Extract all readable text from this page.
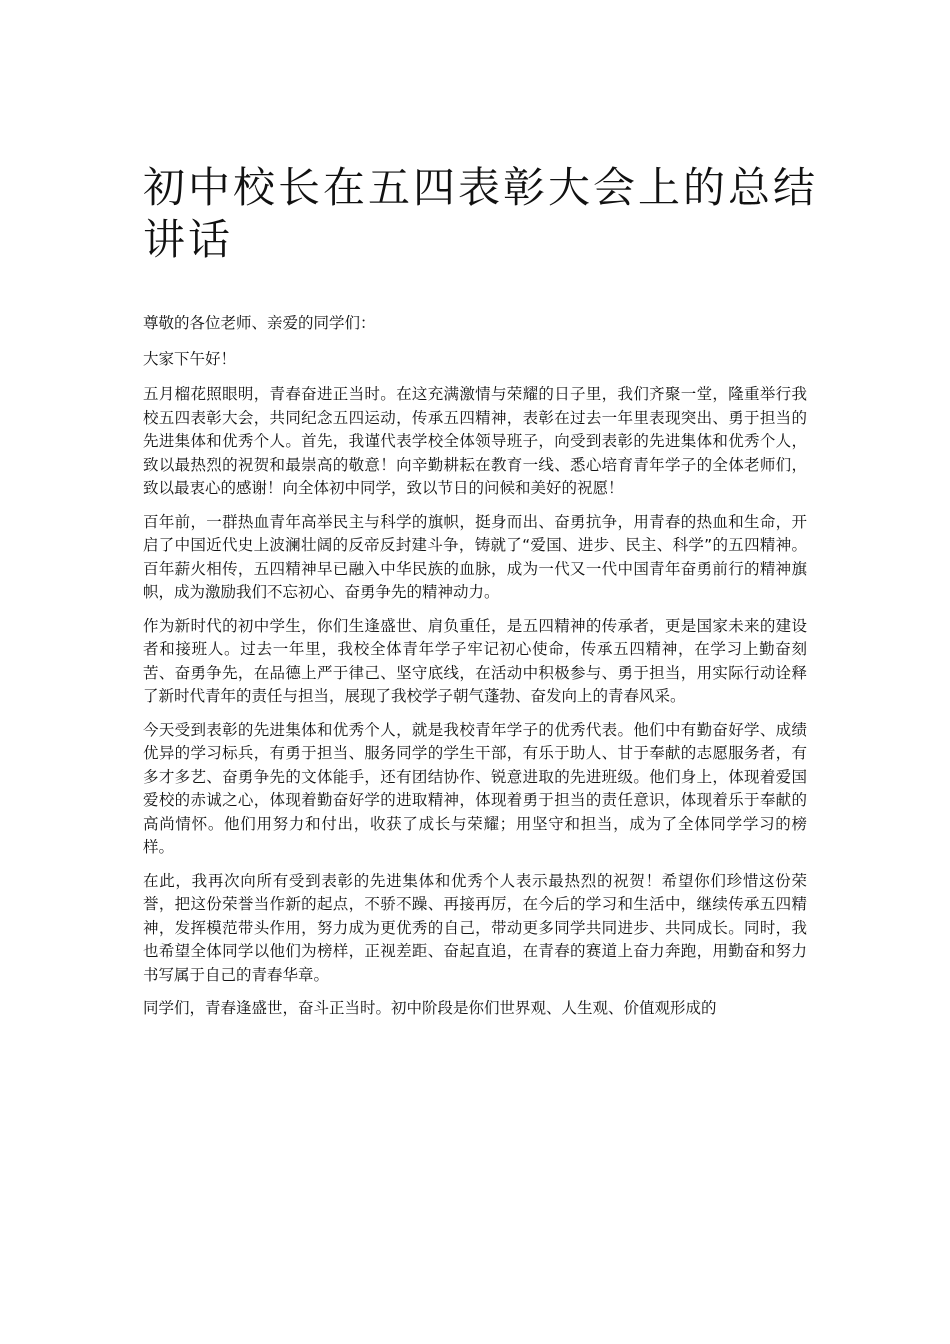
初中校长在五四表彰大会上的总结讲话

尊敬的各位老师、亲爱的同学们：

大家下午好！

五月榴花照眼明，青春奋进正当时。在这充满激情与荣耀的日子里，我们齐聚一堂，隆重举行我校五四表彰大会，共同纪念五四运动，传承五四精神，表彰在过去一年里表现突出、勇于担当的先进集体和优秀个人。首先，我谨代表学校全体领导班子，向受到表彰的先进集体和优秀个人，致以最热烈的祝贺和最崇高的敬意！向辛勤耕耘在教育一线、悉心培育青年学子的全体老师们，致以最衷心的感谢！向全体初中同学，致以节日的问候和美好的祝愿！

百年前，一群热血青年高举民主与科学的旗帜，挺身而出、奋勇抗争，用青春的热血和生命，开启了中国近代史上波澜壮阔的反帝反封建斗争，铸就了“爱国、进步、民主、科学”的五四精神。百年薪火相传，五四精神早已融入中华民族的血脉，成为一代又一代中国青年奋勇前行的精神旗帜，成为激励我们不忘初心、奋勇争先的精神动力。

作为新时代的初中学生，你们生逢盛世、肩负重任，是五四精神的传承者，更是国家未来的建设者和接班人。过去一年里，我校全体青年学子牢记初心使命，传承五四精神，在学习上勤奋刻苦、奋勇争先，在品德上严于律己、坚守底线，在活动中积极参与、勇于担当，用实际行动诠释了新时代青年的责任与担当，展现了我校学子朝气蓬勃、奋发向上的青春风采。

今天受到表彰的先进集体和优秀个人，就是我校青年学子的优秀代表。他们中有勤奋好学、成绩优异的学习标兵，有勇于担当、服务同学的学生干部，有乐于助人、甘于奉献的志愿服务者，有多才多艺、奋勇争先的文体能手，还有团结协作、锐意进取的先进班级。他们身上，体现着爱国爱校的赤诚之心，体现着勤奋好学的进取精神，体现着勇于担当的责任意识，体现着乐于奉献的高尚情怀。他们用努力和付出，收获了成长与荣耀；用坚守和担当，成为了全体同学学习的榜样。

在此，我再次向所有受到表彰的先进集体和优秀个人表示最热烈的祝贺！希望你们珍惜这份荣誉，把这份荣誉当作新的起点，不骄不躁、再接再厉，在今后的学习和生活中，继续传承五四精神，发挥模范带头作用，努力成为更优秀的自己，带动更多同学共同进步、共同成长。同时，我也希望全体同学以他们为榜样，正视差距、奋起直追，在青春的赛道上奋力奔跑，用勤奋和努力书写属于自己的青春华章。

同学们，青春逢盛世，奋斗正当时。初中阶段是你们世界观、人生观、价值观形成的
